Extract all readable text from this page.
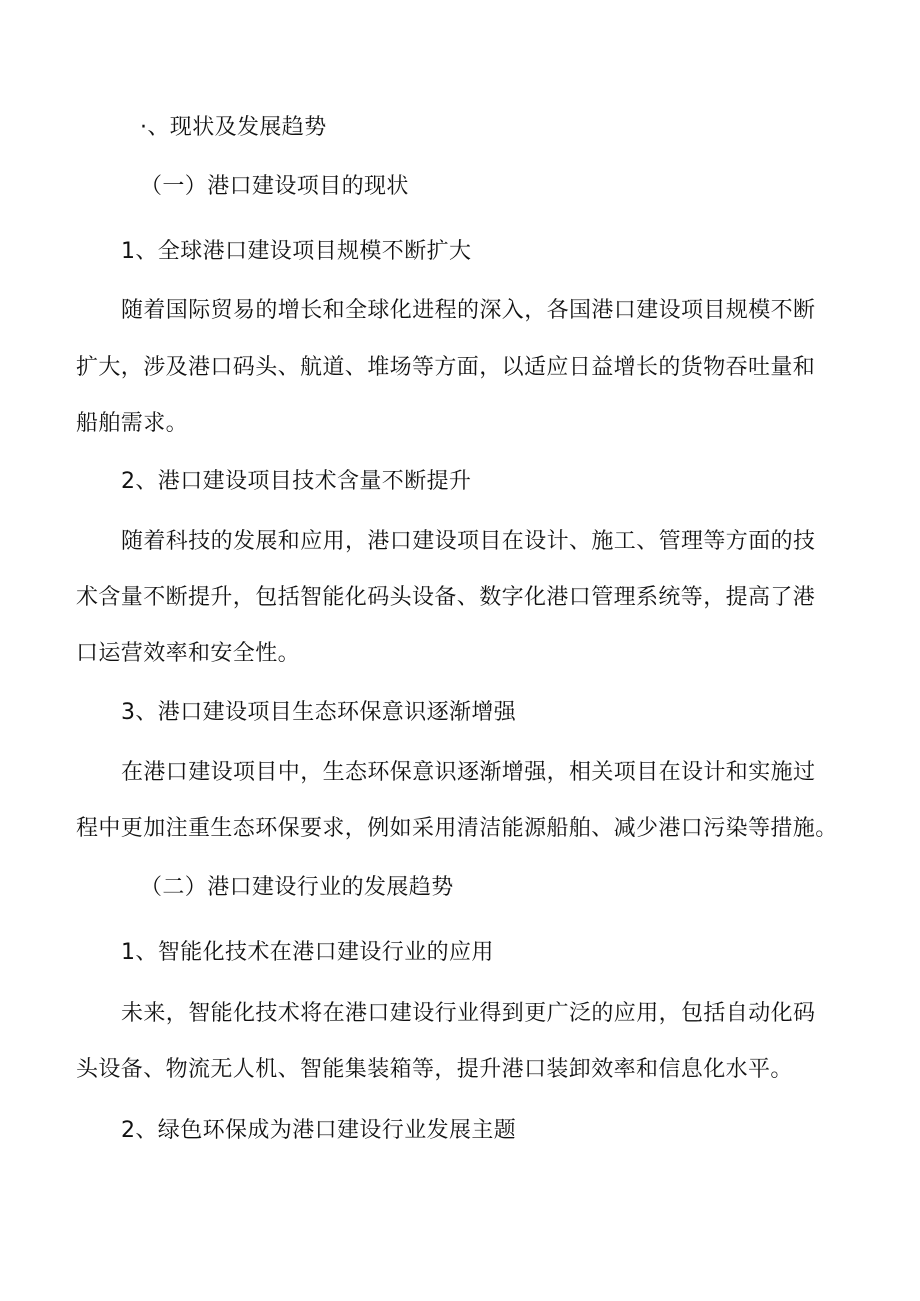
·、现状及发展趋势
（一）港口建设项目的现状
1、全球港口建设项目规模不断扩大
随着国际贸易的增长和全球化进程的深入，各国港口建设项目规模不断
扩大，涉及港口码头、航道、堆场等方面，以适应日益增长的货物吞吐量和
船舶需求。
2、港口建设项目技术含量不断提升
随着科技的发展和应用，港口建设项目在设计、施工、管理等方面的技
术含量不断提升，包括智能化码头设备、数字化港口管理系统等，提高了港
口运营效率和安全性。
3、港口建设项目生态环保意识逐渐增强
在港口建设项目中，生态环保意识逐渐增强，相关项目在设计和实施过
程中更加注重生态环保要求，例如采用清洁能源船舶、减少港口污染等措施。
（二）港口建设行业的发展趋势
1、智能化技术在港口建设行业的应用
未来，智能化技术将在港口建设行业得到更广泛的应用，包括自动化码
头设备、物流无人机、智能集装箱等，提升港口装卸效率和信息化水平。
2、绿色环保成为港口建设行业发展主题
